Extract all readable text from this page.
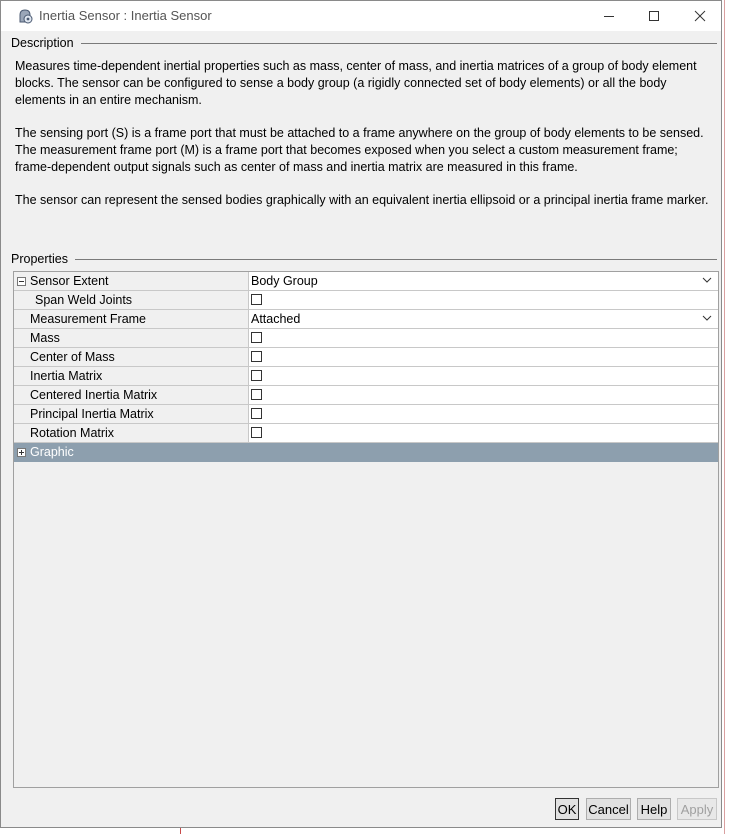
Inertia Sensor : Inertia Sensor
Description

Measures time-dependent inertial properties such as mass, center of mass, and inertia matrices of a group of body element blocks. The sensor can be configured to sense a body group (a rigidly connected set of body elements) or all the body elements in an entire mechanism.

The sensing port (S) is a frame port that must be attached to a frame anywhere on the group of body elements to be sensed. The measurement frame port (M) is a frame port that becomes exposed when you select a custom measurement frame; frame-dependent output signals such as center of mass and inertia matrix are measured in this frame.

The sensor can represent the sensed bodies graphically with an equivalent inertia ellipsoid or a principal inertia frame marker.

Properties
Sensor Extent	Body Group
Span Weld Joints
Measurement Frame	Attached
Mass
Center of Mass
Inertia Matrix
Centered Inertia Matrix
Principal Inertia Matrix
Rotation Matrix
Graphic
OK Cancel Help Apply
